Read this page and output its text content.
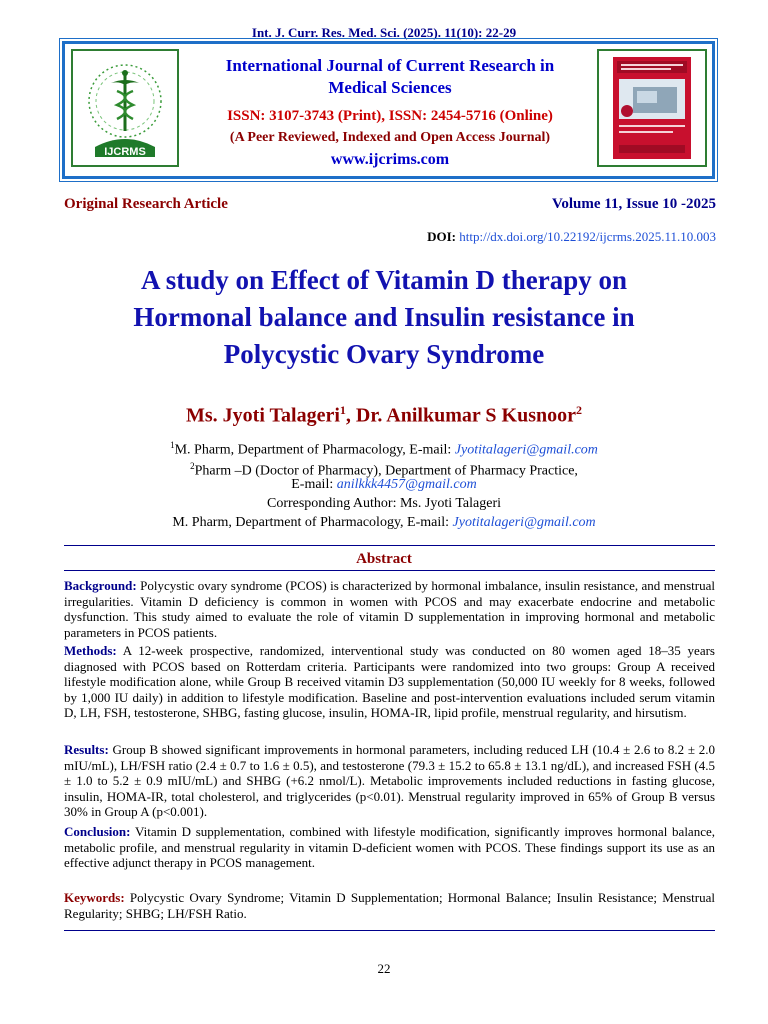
Int. J. Curr. Res. Med. Sci. (2025). 11(10): 22-29
IJCRMS
International Journal of Current Research in
Medical Sciences
ISSN: 3107-3743 (Print), ISSN: 2454-5716 (Online)
(A Peer Reviewed, Indexed and Open Access Journal)
www.ijcrims.com
Original Research Article	Volume 11, Issue 10 -2025
DOI: http://dx.doi.org/10.22192/ijcrms.2025.11.10.003
A study on Effect of Vitamin D therapy on
Hormonal balance and Insulin resistance in
Polycystic Ovary Syndrome
Ms. Jyoti Talageri$^1$, Dr. Anilkumar S Kusnoor$^2$
$^1$M. Pharm, Department of Pharmacology, E-mail: Jyotitalageri@gmail.com
$^2$Pharm –D (Doctor of Pharmacy), Department of Pharmacy Practice,
E-mail: anilkkk4457@gmail.com
Corresponding Author: Ms. Jyoti Talageri
M. Pharm, Department of Pharmacology, E-mail: Jyotitalageri@gmail.com
Abstract
Background: Polycystic ovary syndrome (PCOS) is characterized by hormonal imbalance, insulin resistance, and menstrual irregularities. Vitamin D deficiency is common in women with PCOS and may exacerbate endocrine and metabolic dysfunction. This study aimed to evaluate the role of vitamin D supplementation in improving hormonal and metabolic parameters in PCOS patients.
Methods: A 12-week prospective, randomized, interventional study was conducted on 80 women aged 18–35 years diagnosed with PCOS based on Rotterdam criteria. Participants were randomized into two groups: Group A received lifestyle modification alone, while Group B received vitamin D3 supplementation (50,000 IU weekly for 8 weeks, followed by 1,000 IU daily) in addition to lifestyle modification. Baseline and post-intervention evaluations included serum vitamin D, LH, FSH, testosterone, SHBG, fasting glucose, insulin, HOMA-IR, lipid profile, menstrual regularity, and hirsutism.
Results: Group B showed significant improvements in hormonal parameters, including reduced LH (10.4 ± 2.6 to 8.2 ± 2.0 mIU/mL), LH/FSH ratio (2.4 ± 0.7 to 1.6 ± 0.5), and testosterone (79.3 ± 15.2 to 65.8 ± 13.1 ng/dL), and increased FSH (4.5 ± 1.0 to 5.2 ± 0.9 mIU/mL) and SHBG (+6.2 nmol/L). Metabolic improvements included reductions in fasting glucose, insulin, HOMA-IR, total cholesterol, and triglycerides (p<0.01). Menstrual regularity improved in 65% of Group B versus 30% in Group A (p<0.001).
Conclusion: Vitamin D supplementation, combined with lifestyle modification, significantly improves hormonal balance, metabolic profile, and menstrual regularity in vitamin D-deficient women with PCOS. These findings support its use as an effective adjunct therapy in PCOS management.
Keywords: Polycystic Ovary Syndrome; Vitamin D Supplementation; Hormonal Balance; Insulin Resistance; Menstrual Regularity; SHBG; LH/FSH Ratio.
22
